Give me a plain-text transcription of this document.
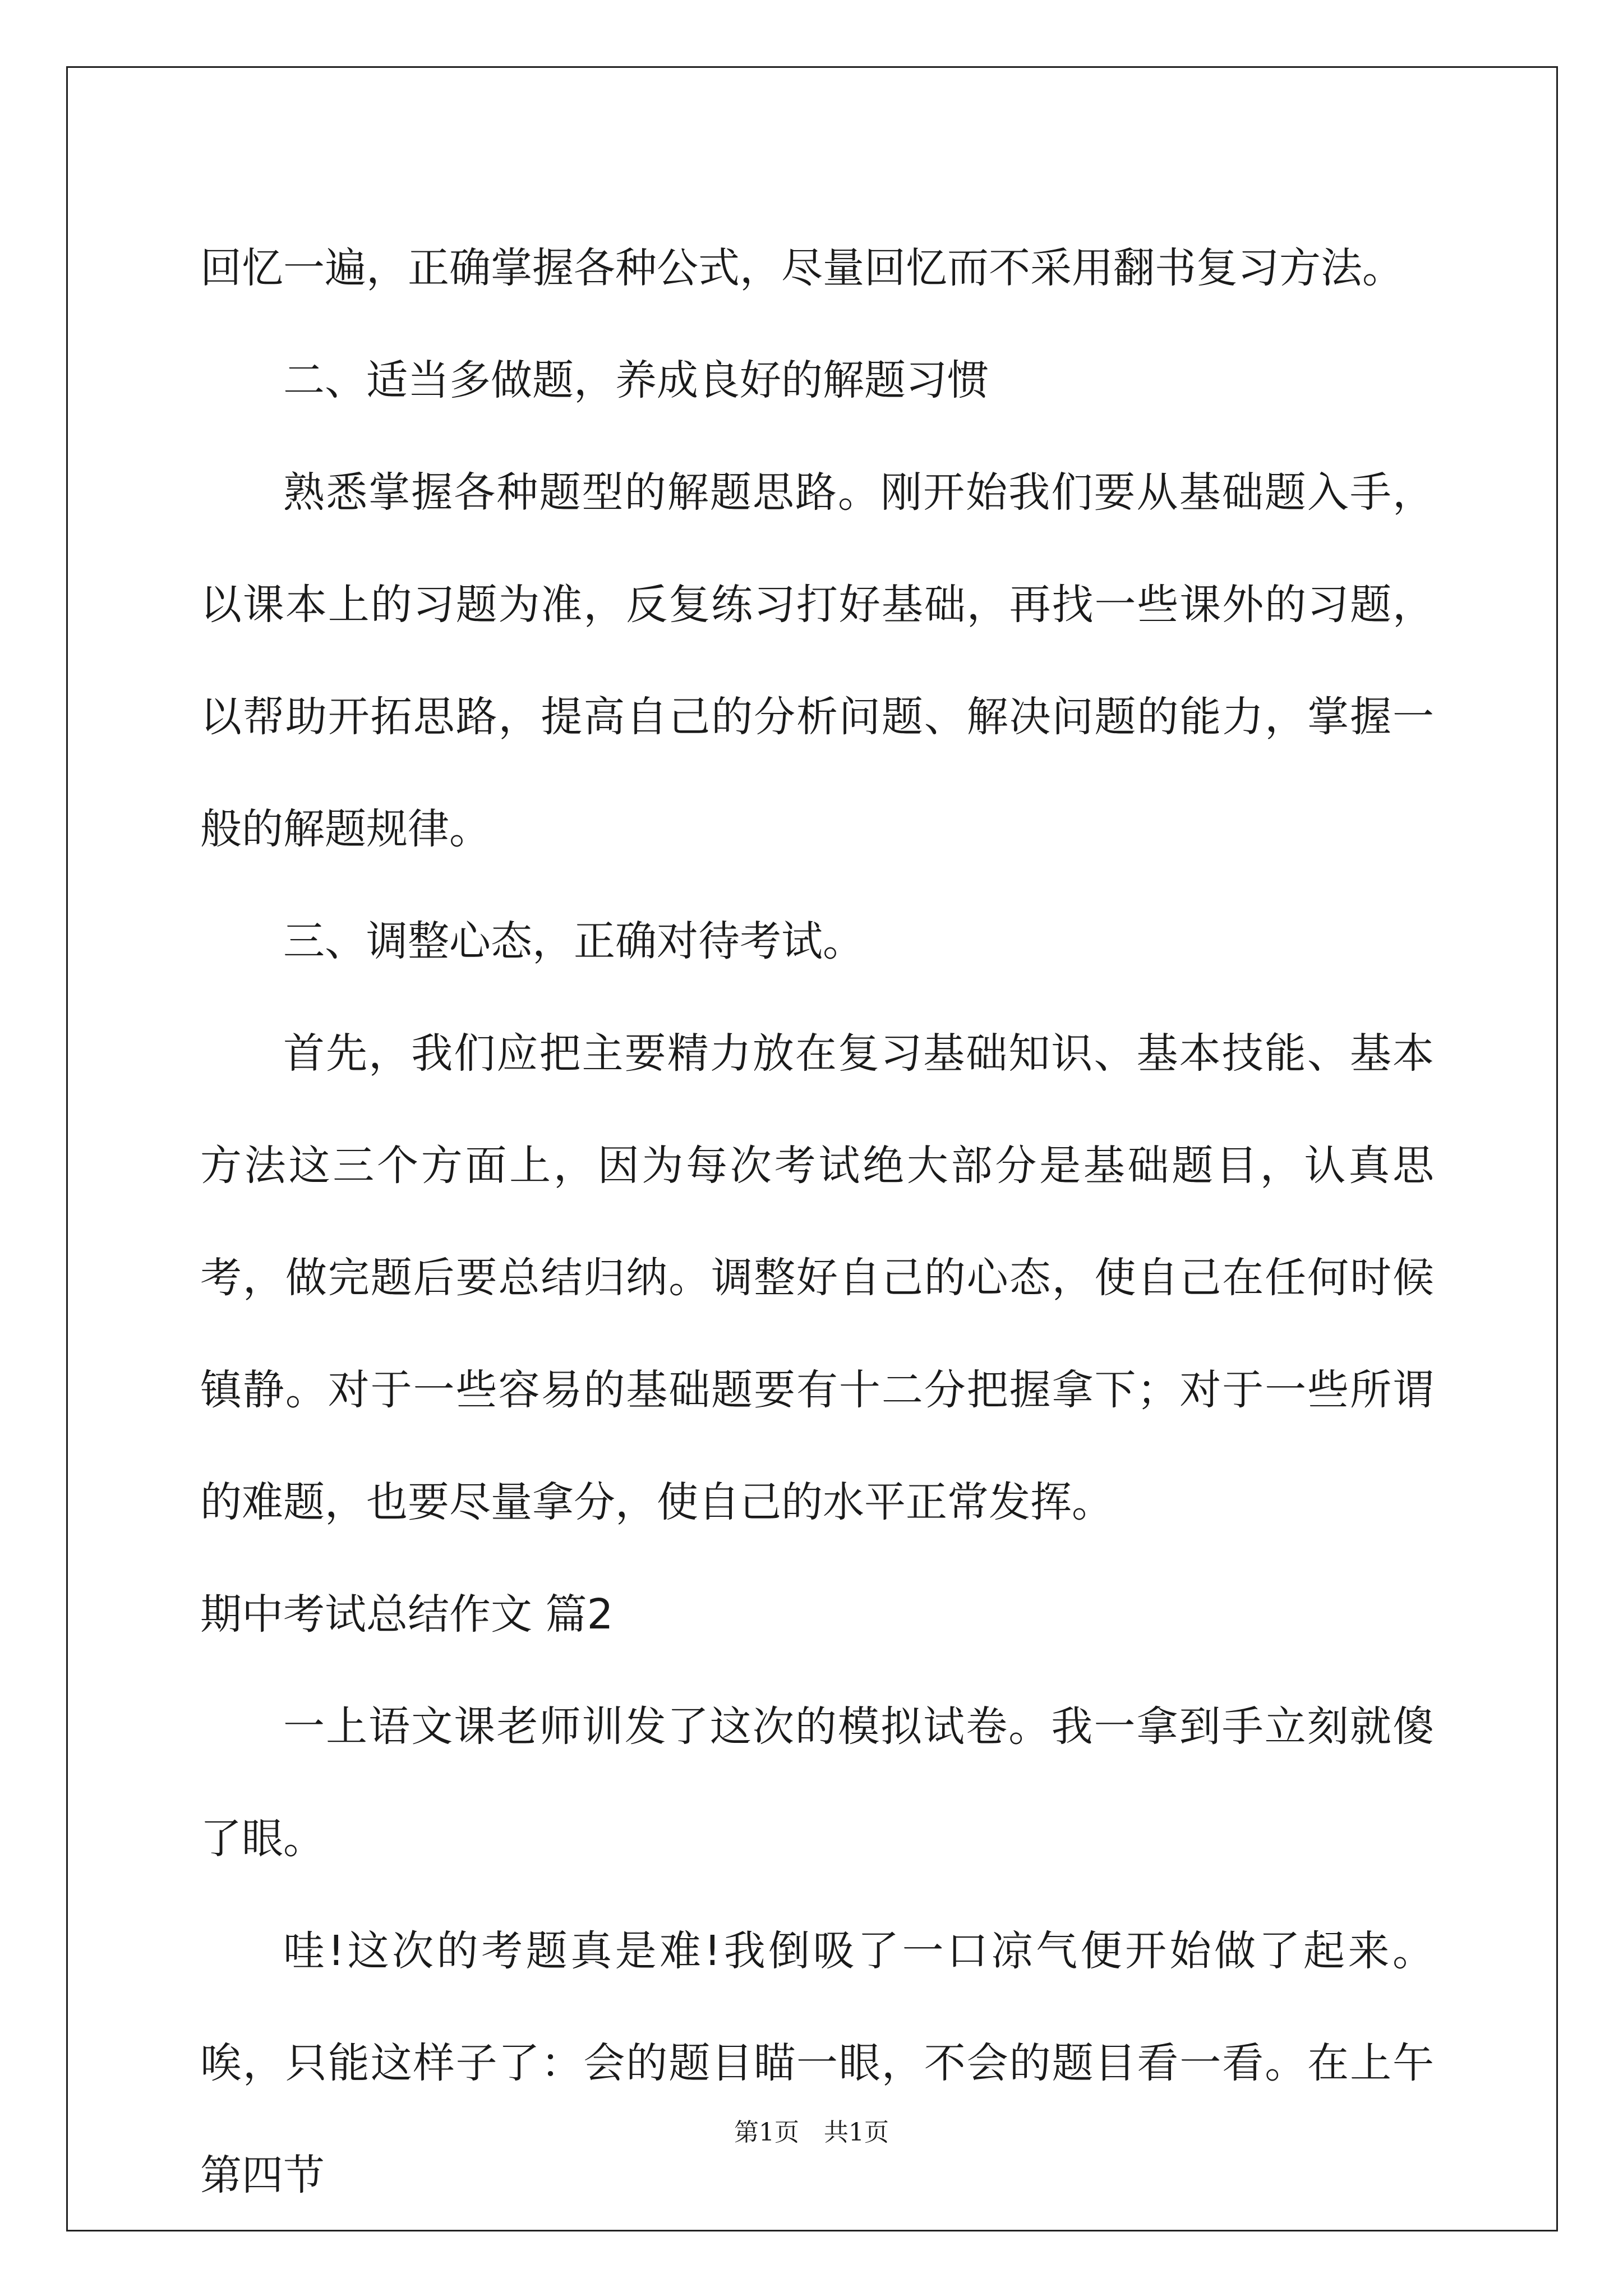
回忆一遍，正确掌握各种公式，尽量回忆而不采用翻书复习方法。

二、适当多做题，养成良好的解题习惯

熟悉掌握各种题型的解题思路。刚开始我们要从基础题入手，以课本上的习题为准，反复练习打好基础，再找一些课外的习题，以帮助开拓思路，提高自己的分析问题、解决问题的能力，掌握一般的解题规律。

三、调整心态，正确对待考试。

首先，我们应把主要精力放在复习基础知识、基本技能、基本方法这三个方面上，因为每次考试绝大部分是基础题目，认真思考，做完题后要总结归纳。调整好自己的心态，使自己在任何时候镇静。对于一些容易的基础题要有十二分把握拿下；对于一些所谓的难题，也要尽量拿分，使自己的水平正常发挥。

期中考试总结作文 篇2

一上语文课老师训发了这次的模拟试卷。我一拿到手立刻就傻了眼。

哇!这次的考题真是难!我倒吸了一口凉气便开始做了起来。唉，只能这样子了：会的题目瞄一眼，不会的题目看一看。在上午第四节

第1页　共1页
